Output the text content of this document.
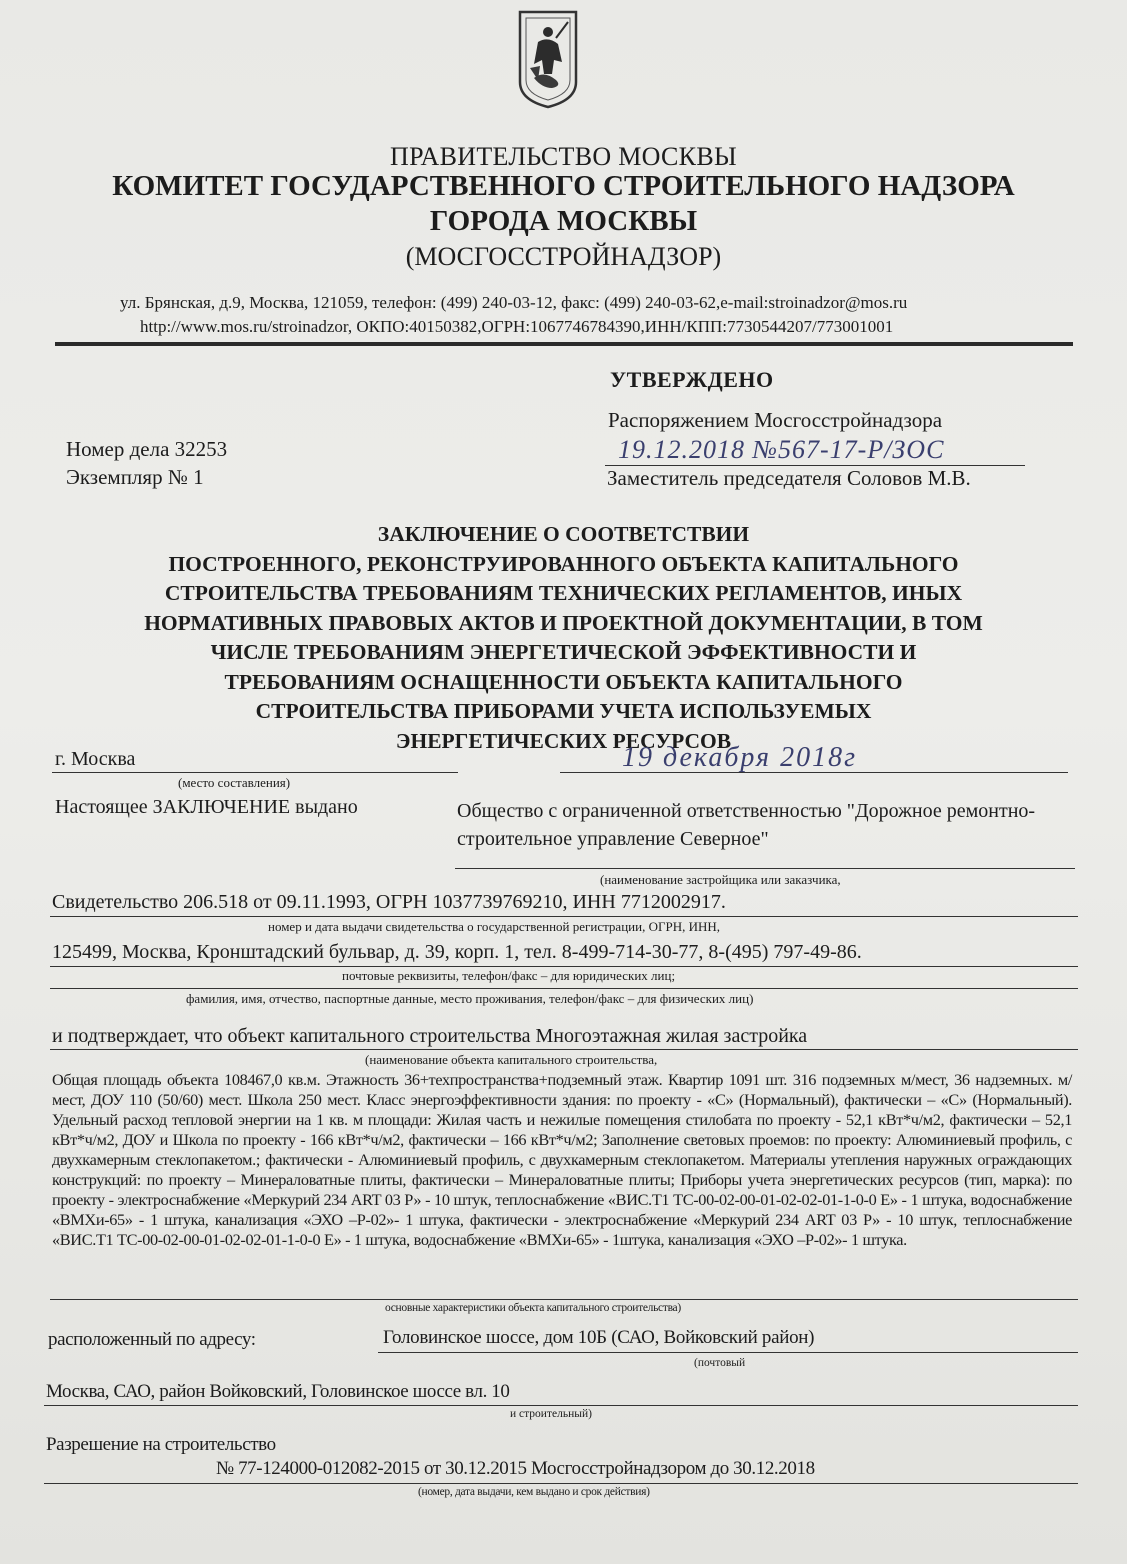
ПРАВИТЕЛЬСТВО МОСКВЫ
КОМИТЕТ ГОСУДАРСТВЕННОГО СТРОИТЕЛЬНОГО НАДЗОРА
ГОРОДА МОСКВЫ
(МОСГОССТРОЙНАДЗОР)
ул. Брянская, д.9, Москва, 121059, телефон: (499) 240-03-12, факс: (499) 240-03-62,e-mail:stroinadzor@mos.ru
http://www.mos.ru/stroinadzor, ОКПО:40150382,ОГРН:1067746784390,ИНН/КПП:7730544207/773001001
УТВЕРЖДЕНО
Распоряжением Мосгосстройнадзора
19.12.2018 №567-17-Р/ЗОС
Заместитель председателя Соловов М.В.
Номер дела 32253
Экземпляр № 1
ЗАКЛЮЧЕНИЕ О СООТВЕТСТВИИ
ПОСТРОЕННОГО, РЕКОНСТРУИРОВАННОГО ОБЪЕКТА КАПИТАЛЬНОГО
СТРОИТЕЛЬСТВА ТРЕБОВАНИЯМ ТЕХНИЧЕСКИХ РЕГЛАМЕНТОВ, ИНЫХ
НОРМАТИВНЫХ ПРАВОВЫХ АКТОВ И ПРОЕКТНОЙ ДОКУМЕНТАЦИИ, В ТОМ
ЧИСЛЕ ТРЕБОВАНИЯМ ЭНЕРГЕТИЧЕСКОЙ ЭФФЕКТИВНОСТИ И
ТРЕБОВАНИЯМ ОСНАЩЕННОСТИ ОБЪЕКТА КАПИТАЛЬНОГО
СТРОИТЕЛЬСТВА ПРИБОРАМИ УЧЕТА ИСПОЛЬЗУЕМЫХ
ЭНЕРГЕТИЧЕСКИХ РЕСУРСОВ
г. Москва
(место составления)
19 декабря 2018г
Настоящее ЗАКЛЮЧЕНИЕ выдано	Общество с ограниченной ответственностью "Дорожное ремонтно-строительное управление Северное"
(наименование застройщика или заказчика,
Свидетельство 206.518 от 09.11.1993, ОГРН 1037739769210, ИНН 7712002917.
номер и дата выдачи свидетельства о государственной регистрации, ОГРН, ИНН,
125499, Москва, Кронштадский бульвар, д. 39, корп. 1, тел. 8-499-714-30-77, 8-(495) 797-49-86.
почтовые реквизиты, телефон/факс – для юридических лиц;
фамилия, имя, отчество, паспортные данные, место проживания, телефон/факс – для физических лиц)
и подтверждает, что объект капитального строительства Многоэтажная жилая застройка
(наименование объекта капитального строительства,
Общая площадь объекта 108467,0 кв.м. Этажность 36+техпространства+подземный этаж. Квартир 1091 шт. 316 подземных м/мест, 36 надземных. м/мест, ДОУ 110 (50/60) мест. Школа 250 мест. Класс энергоэффективности здания: по проекту - «С» (Нормальный), фактически – «С» (Нормальный). Удельный расход тепловой энергии на 1 кв. м площади: Жилая часть и нежилые помещения стилобата по проекту - 52,1 кВт*ч/м2, фактически – 52,1 кВт*ч/м2, ДОУ и Школа по проекту - 166 кВт*ч/м2, фактически – 166 кВт*ч/м2; Заполнение световых проемов: по проекту: Алюминиевый профиль, с двухкамерным стеклопакетом.; фактически - Алюминиевый профиль, с двухкамерным стеклопакетом. Материалы утепления наружных ограждающих конструкций: по проекту – Минераловатные плиты, фактически – Минераловатные плиты; Приборы учета энергетических ресурсов (тип, марка): по проекту - электроснабжение «Меркурий 234 ART 03 Р» - 10 штук, теплоснабжение «ВИС.Т1 ТС-00-02-00-01-02-02-01-1-0-0 Е» - 1 штука, водоснабжение «ВМХи-65» - 1 штука, канализация «ЭХО –Р-02»- 1 штука, фактически - электроснабжение «Меркурий 234 ART 03 Р» - 10 штук, теплоснабжение «ВИС.Т1 ТС-00-02-00-01-02-02-01-1-0-0 Е» - 1 штука, водоснабжение «ВМХи-65» - 1штука, канализация «ЭХО –Р-02»- 1 штука.
основные характеристики объекта капитального строительства)
расположенный по адресу:	Головинское шоссе, дом 10Б (САО, Войковский район)
(почтовый
Москва, САО, район Войковский, Головинское шоссе вл. 10
и строительный)
Разрешение на строительство
№ 77-124000-012082-2015 от 30.12.2015 Мосгосстройнадзором до 30.12.2018
(номер, дата выдачи, кем выдано и срок действия)
